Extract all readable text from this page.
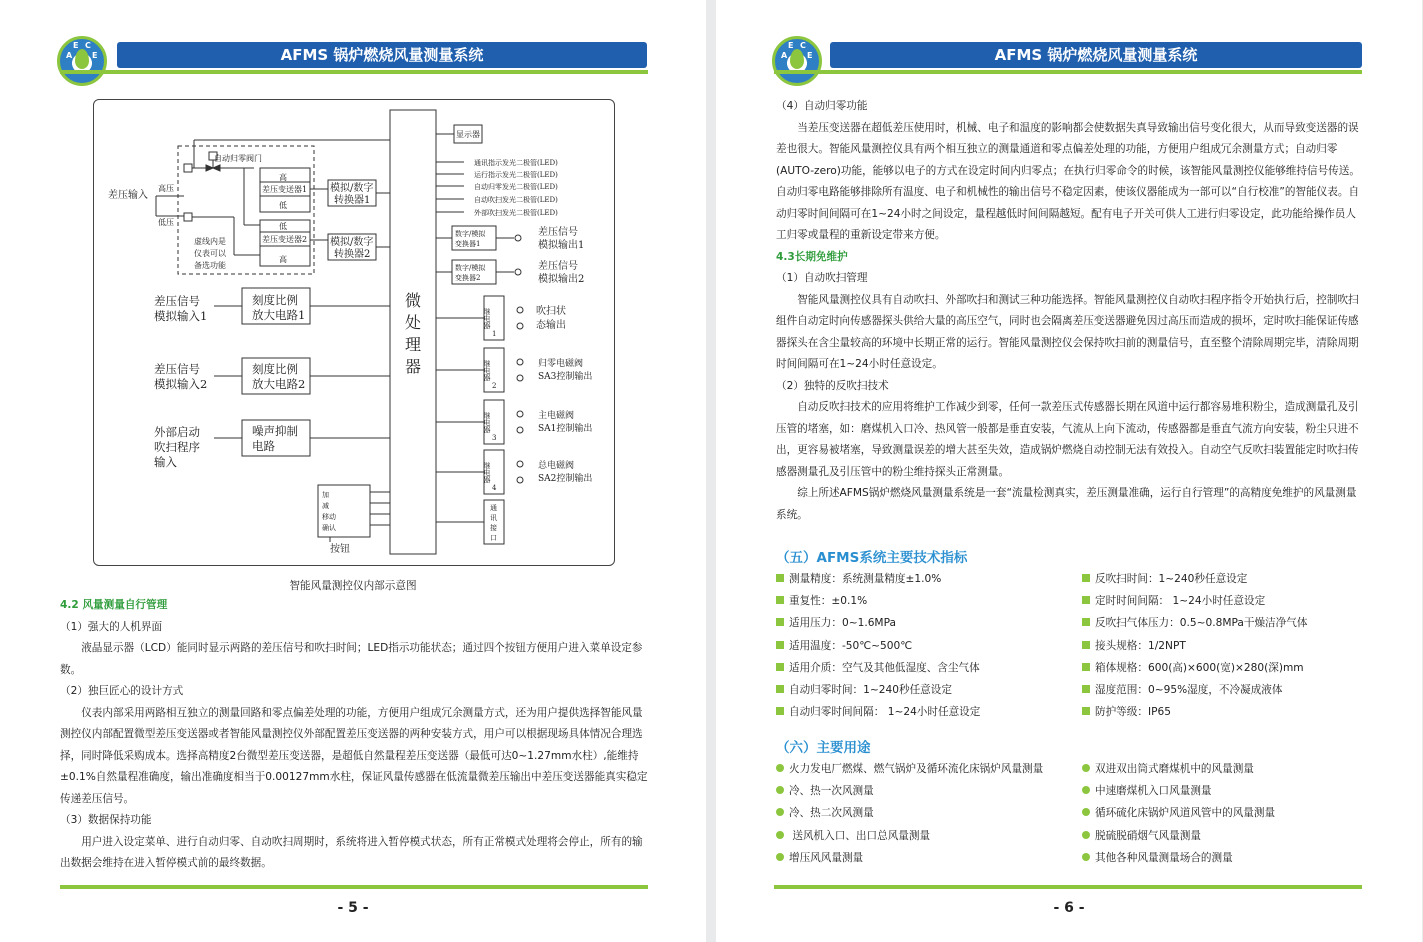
A
E C
E	AFMS 锅炉燃烧风量测量系统
自动归零阀门
高
差压变送器1
低
低
差压变送器2
高
虚线内是
仪表可以
备选功能
高压
低压
显示器
通讯指示发光二极管(LED)
运行指示发光二极管(LED)
自动归零发光二极管(LED)
自动吹扫发光二极管(LED)
外部吹扫发光二极管(LED)
数字/模拟
变换器1
数字/模拟
变换器2
加
减
移动
确认
继电器
1
继电器
2
继电器
3
继电器
4
通
讯
接
口
差压输入
模拟/数字
转换器1
模拟/数字
转换器2
差压信号
模拟输出1
差压信号
模拟输出2
吹扫状
态输出
归零电磁阀
SA3控制输出
主电磁阀
SA1控制输出
总电磁阀
SA2控制输出
按钮
差压信号
模拟输入1
刻度比例
放大电路1
差压信号
模拟输入2
刻度比例
放大电路2
外部启动
吹扫程序
输入
噪声抑制
电路
微
处
理
器
智能风量测控仪内部示意图

4.2 风量测量自行管理

（1）强大的人机界面

液晶显示器（LCD）能同时显示两路的差压信号和吹扫时间；LED指示功能状态；通过四个按钮方便用户进入菜单设定参数。

（2）独巨匠心的设计方式

仪表内部采用两路相互独立的测量回路和零点偏差处理的功能，方便用户组成冗余测量方式，还为用户提供选择智能风量测控仪内部配置微型差压变送器或者智能风量测控仪外部配置差压变送器的两种安装方式，用户可以根据现场具体情况合理选择，同时降低采购成本。选择高精度2台微型差压变送器，是超低自然量程差压变送器（最低可达0~1.27mm水柱）,能维持±0.1%自然量程准确度，输出准确度相当于0.00127mm水柱，保证风量传感器在低流量微差压输出中差压变送器能真实稳定传递差压信号。

（3）数据保持功能

用户进入设定菜单、进行自动归零、自动吹扫周期时，系统将进入暂停模式状态，所有正常模式处理将会停止，所有的输出数据会维持在进入暂停模式前的最终数据。

- 5 -
A
E C
E	AFMS 锅炉燃烧风量测量系统

（4）自动归零功能

当差压变送器在超低差压使用时，机械、电子和温度的影响都会使数据失真导致输出信号变化很大，从而导致变送器的误差也很大。智能风量测控仪具有两个相互独立的测量通道和零点偏差处理的功能，方便用户组成冗余测量方式；自动归零(AUTO-zero)功能，能够以电子的方式在设定时间内归零点；在执行归零命令的时候，该智能风量测控仪能够维持信号传送。自动归零电路能够排除所有温度、电子和机械性的输出信号不稳定因素，使该仪器能成为一部可以“自行校准”的智能仪表。自动归零时间间隔可在1~24小时之间设定，量程越低时间间隔越短。配有电子开关可供人工进行归零设定，此功能给操作员人工归零或量程的重新设定带来方便。

4.3长期免维护

（1）自动吹扫管理

智能风量测控仪具有自动吹扫、外部吹扫和测试三种功能选择。智能风量测控仪自动吹扫程序指令开始执行后，控制吹扫组件自动定时向传感器探头供给大量的高压空气，同时也会隔离差压变送器避免因过高压而造成的损坏，定时吹扫能保证传感器探头在含尘量较高的环境中长期正常的运行。智能风量测控仪会保持吹扫前的测量信号，直至整个清除周期完毕，清除周期时间间隔可在1~24小时任意设定。

（2）独特的反吹扫技术

自动反吹扫技术的应用将维护工作减少到零，任何一款差压式传感器长期在风道中运行都容易堆积粉尘，造成测量孔及引压管的堵塞，如：磨煤机入口冷、热风管一般都是垂直安装，气流从上向下流动，传感器都是垂直气流方向安装，粉尘只进不出，更容易被堵塞，导致测量误差的增大甚至失效，造成锅炉燃烧自动控制无法有效投入。自动空气反吹扫装置能定时吹扫传感器测量孔及引压管中的粉尘维持探头正常测量。

综上所述AFMS锅炉燃烧风量测量系统是一套“流量检测真实，差压测量准确，运行自行管理”的高精度免维护的风量测量系统。

（五）AFMS系统主要技术指标
测量精度：系统测量精度±1.0%
重复性：±0.1%
适用压力：0~1.6MPa
适用温度：-50℃~500℃
适用介质：空气及其他低湿度、含尘气体
自动归零时间：1~240秒任意设定
自动归零时间间隔： 1~24小时任意设定
反吹扫时间：1~240秒任意设定
定时时间间隔： 1~24小时任意设定
反吹扫气体压力：0.5~0.8MPa干燥洁净气体
接头规格：1/2NPT
箱体规格：600(高)×600(宽)×280(深)mm
湿度范围：0~95%湿度，不冷凝成液体
防护等级：IP65
（六）主要用途
火力发电厂燃煤、燃气锅炉及循环流化床锅炉风量测量
冷、热一次风测量
冷、热二次风测量
送风机入口、出口总风量测量
增压风风量测量
双进双出筒式磨煤机中的风量测量
中速磨煤机入口风量测量
循环硫化床锅炉风道风管中的风量测量
脱硫脱硝烟气风量测量
其他各种风量测量场合的测量
- 6 -
